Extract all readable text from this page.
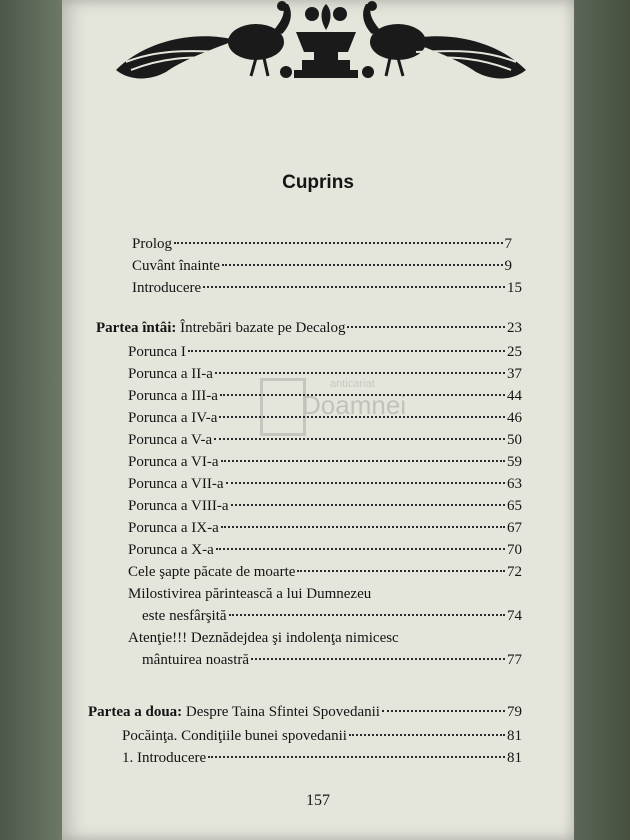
Cuprins
anticariat
Doamnei
Prolog	7
Cuvânt înainte	9
Introducere	15
Partea întâi: Întrebări bazate pe Decalog	23
Porunca I	25
Porunca a II-a	37
Porunca a III-a	44
Porunca a IV-a	46
Porunca a V-a	50
Porunca a VI-a	59
Porunca a VII-a	63
Porunca a VIII-a	65
Porunca a IX-a	67
Porunca a X-a	70
Cele şapte păcate de moarte	72
Milostivirea părintească a lui Dumnezeu
este nesfârşită	74
Atenţie!!! Deznădejdea şi indolenţa nimicesc
mântuirea noastră	77
Partea a doua: Despre Taina Sfintei Spovedanii	79
Pocăinţa. Condiţiile bunei spovedanii	81
1. Introducere	81
157
